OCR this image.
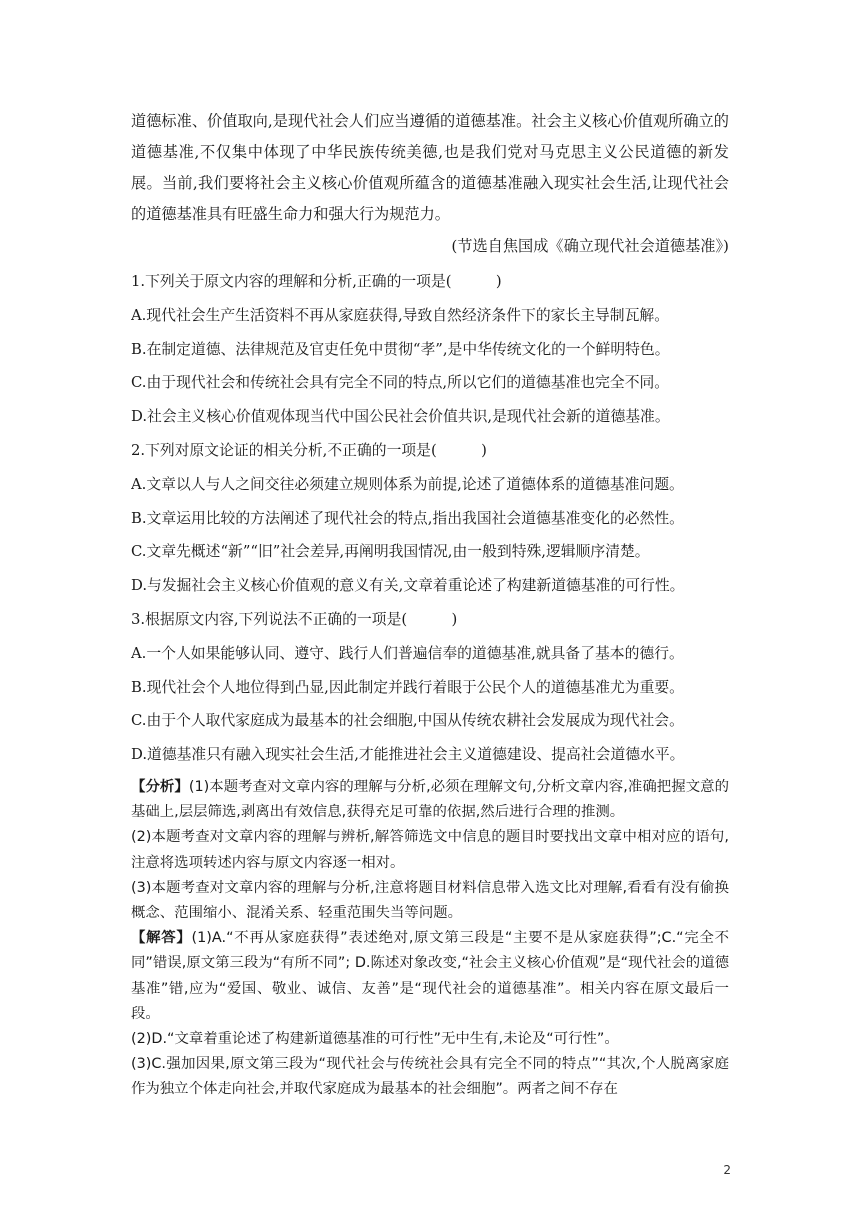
道德标准、价值取向,是现代社会人们应当遵循的道德基准。社会主义核心价值观所确立的道德基准,不仅集中体现了中华民族传统美德,也是我们党对马克思主义公民道德的新发展。当前,我们要将社会主义核心价值观所蕴含的道德基准融入现实社会生活,让现代社会的道德基准具有旺盛生命力和强大行为规范力。

(节选自焦国成《确立现代社会道德基准》)

1.下列关于原文内容的理解和分析,正确的一项是(　　　)

A.现代社会生产生活资料不再从家庭获得,导致自然经济条件下的家长主导制瓦解。

B.在制定道德、法律规范及官吏任免中贯彻“孝”,是中华传统文化的一个鲜明特色。

C.由于现代社会和传统社会具有完全不同的特点,所以它们的道德基准也完全不同。

D.社会主义核心价值观体现当代中国公民社会价值共识,是现代社会新的道德基准。

2.下列对原文论证的相关分析,不正确的一项是(　　　)

A.文章以人与人之间交往必须建立规则体系为前提,论述了道德体系的道德基准问题。

B.文章运用比较的方法阐述了现代社会的特点,指出我国社会道德基准变化的必然性。

C.文章先概述“新”“旧”社会差异,再阐明我国情况,由一般到特殊,逻辑顺序清楚。

D.与发掘社会主义核心价值观的意义有关,文章着重论述了构建新道德基准的可行性。

3.根据原文内容,下列说法不正确的一项是(　　　)

A.一个人如果能够认同、遵守、践行人们普遍信奉的道德基准,就具备了基本的德行。

B.现代社会个人地位得到凸显,因此制定并践行着眼于公民个人的道德基准尤为重要。

C.由于个人取代家庭成为最基本的社会细胞,中国从传统农耕社会发展成为现代社会。

D.道德基准只有融入现实社会生活,才能推进社会主义道德建设、提高社会道德水平。

【分析】(1)本题考查对文章内容的理解与分析,必须在理解文句,分析文章内容,准确把握文意的基础上,层层筛选,剥离出有效信息,获得充足可靠的依据,然后进行合理的推测。

(2)本题考查对文章内容的理解与辨析,解答筛选文中信息的题目时要找出文章中相对应的语句,注意将选项转述内容与原文内容逐一相对。

(3)本题考查对文章内容的理解与分析,注意将题目材料信息带入选文比对理解,看看有没有偷换概念、范围缩小、混淆关系、轻重范围失当等问题。

【解答】(1)A.“不再从家庭获得”表述绝对,原文第三段是“主要不是从家庭获得”;C.“完全不同”错误,原文第三段为“有所不同”; D.陈述对象改变,“社会主义核心价值观”是“现代社会的道德基准”错,应为“爱国、敬业、诚信、友善”是“现代社会的道德基准”。相关内容在原文最后一段。

(2)D.“文章着重论述了构建新道德基准的可行性”无中生有,未论及“可行性”。

(3)C.强加因果,原文第三段为“现代社会与传统社会具有完全不同的特点”“其次,个人脱离家庭作为独立个体走向社会,并取代家庭成为最基本的社会细胞”。两者之间不存在

2
